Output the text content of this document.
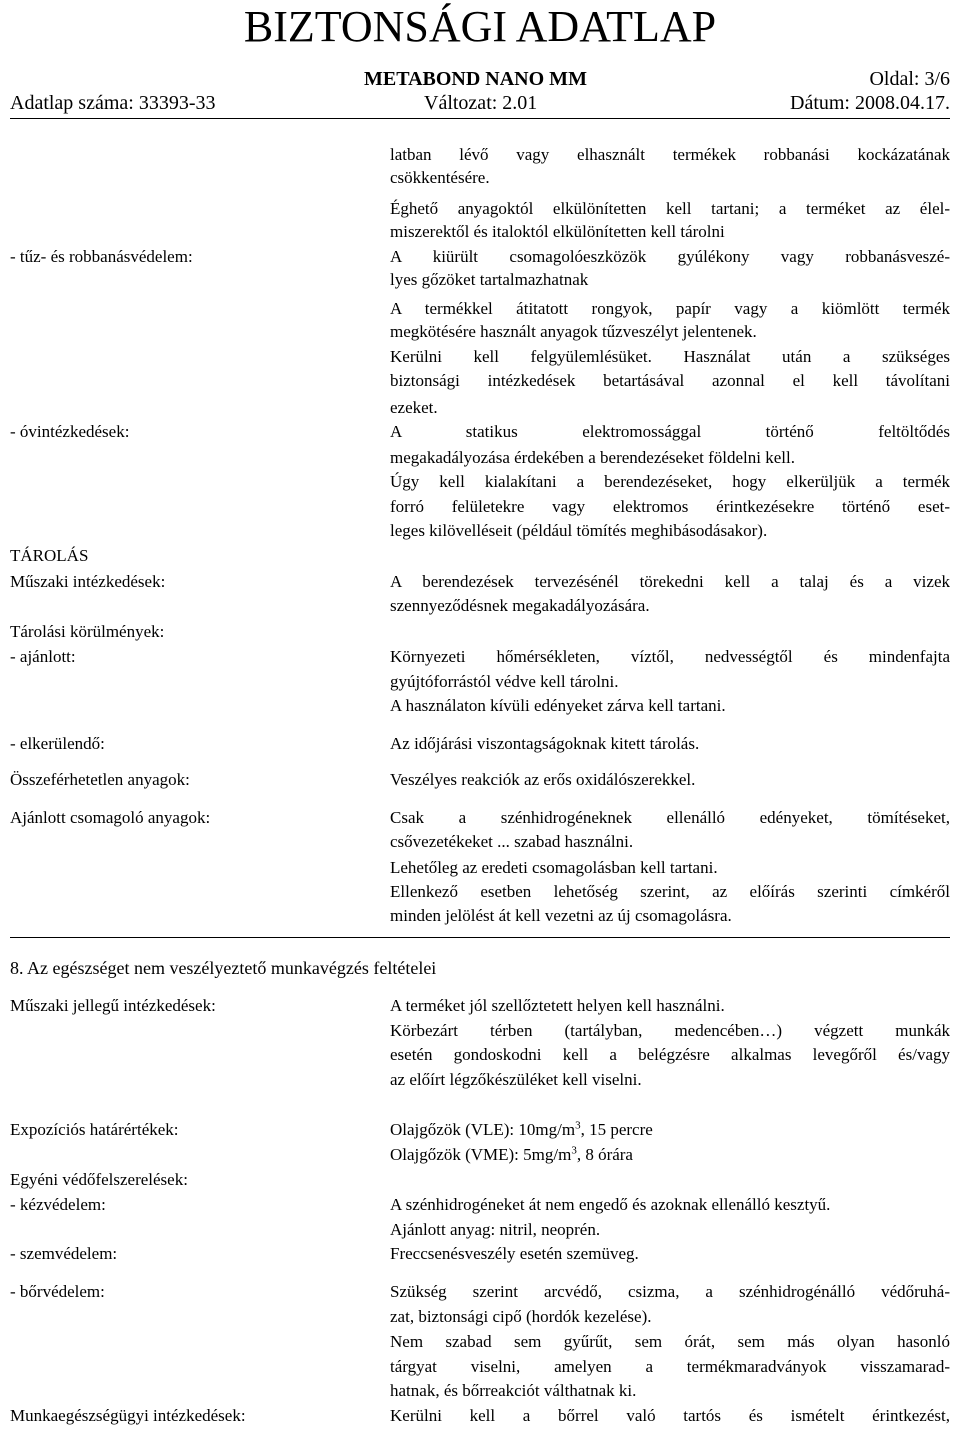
BIZTONSÁGI ADATLAP
METABOND NANO MM	Oldal: 3/6
Adatlap száma: 33393-33	Változat: 2.01	Dátum: 2008.04.17.
latban lévő vagy elhasznált termékek robbanási kockázatának
csökkentésére.
Éghető anyagoktól elkülönítetten kell tartani; a terméket az élel-
miszerektől és italoktól elkülönítetten kell tárolni
- tűz- és robbanásvédelem:	A kiürült csomagolóeszközök gyúlékony vagy robbanásveszé-
lyes gőzöket tartalmazhatnak
A termékkel átitatott rongyok, papír vagy a kiömlött termék
megkötésére használt anyagok tűzveszélyt jelentenek.
Kerülni kell felgyülemlésüket. Használat után a szükséges
biztonsági intézkedések betartásával azonnal el kell távolítani
ezeket.
- óvintézkedések:	A statikus elektromossággal történő feltöltődés
megakadályozása érdekében a berendezéseket földelni kell.
Úgy kell kialakítani a berendezéseket, hogy elkerüljük a termék
forró felületekre vagy elektromos érintkezésekre történő eset-
leges kilövelléseit (például tömítés meghibásodásakor).
TÁROLÁS
Műszaki intézkedések:	A berendezések tervezésénél törekedni kell a talaj és a vizek
szennyeződésnek megakadályozására.
Tárolási körülmények:
- ajánlott:	Környezeti hőmérsékleten, víztől, nedvességtől és mindenfajta
gyújtóforrástól védve kell tárolni.
A használaton kívüli edényeket zárva kell tartani.
- elkerülendő:	Az időjárási viszontagságoknak kitett tárolás.
Összeférhetetlen anyagok:	Veszélyes reakciók az erős oxidálószerekkel.
Ajánlott csomagoló anyagok:	Csak a szénhidrogéneknek ellenálló edényeket, tömítéseket,
csővezetékeket ... szabad használni.
Lehetőleg az eredeti csomagolásban kell tartani.
Ellenkező esetben lehetőség szerint, az előírás szerinti címkéről
minden jelölést át kell vezetni az új csomagolásra.
8. Az egészséget nem veszélyeztető munkavégzés feltételei
Műszaki jellegű intézkedések:	A terméket jól szellőztetett helyen kell használni.
Körbezárt térben (tartályban, medencében…) végzett munkák
esetén gondoskodni kell a belégzésre alkalmas levegőről és/vagy
az előírt légzőkészüléket kell viselni.
Expozíciós határértékek:	Olajgőzök (VLE): $10mg/m^3$, 15 percre
Olajgőzök (VME): $5mg/m^3$, 8 órára
Egyéni védőfelszerelések:
- kézvédelem:	A szénhidrogéneket át nem engedő és azoknak ellenálló kesztyű.
Ajánlott anyag: nitril, neoprén.
- szemvédelem:	Freccsenésveszély esetén szemüveg.
- bőrvédelem:	Szükség szerint arcvédő, csizma, a szénhidrogénálló védőruhá-
zat, biztonsági cipő (hordók kezelése).
Nem szabad sem gyűrűt, sem órát, sem más olyan hasonló
tárgyat viselni, amelyen a termékmaradványok visszamarad-
hatnak, és bőrreakciót válthatnak ki.
Munkaegészségügyi intézkedések:	Kerülni kell a bőrrel való tartós és ismételt érintkezést,
